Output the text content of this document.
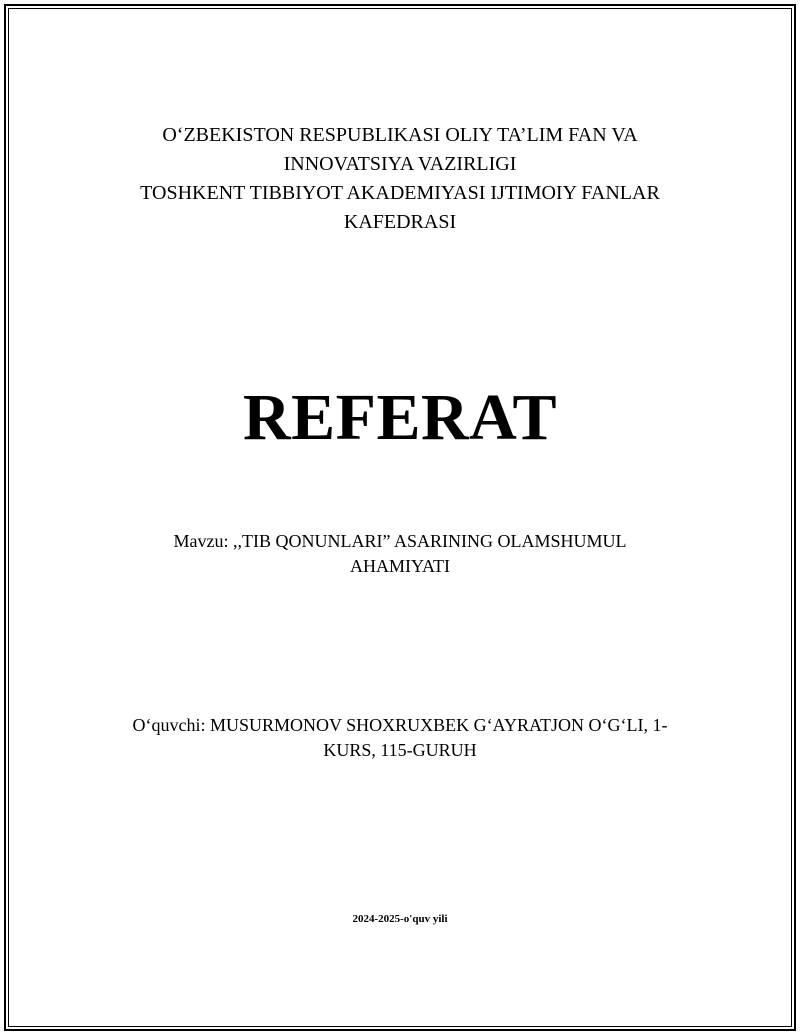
O‘ZBEKISTON RESPUBLIKASI OLIY TA’LIM FAN VA
INNOVATSIYA VAZIRLIGI
TOSHKENT TIBBIYOT AKADEMIYASI IJTIMOIY FANLAR
KAFEDRASI
REFERAT
Mavzu: ,,TIB QONUNLARI” ASARINING OLAMSHUMUL
AHAMIYATI
O‘quvchi: MUSURMONOV SHOXRUXBEK G‘AYRATJON O‘G‘LI, 1-
KURS, 115-GURUH
2024-2025-o'quv yili
